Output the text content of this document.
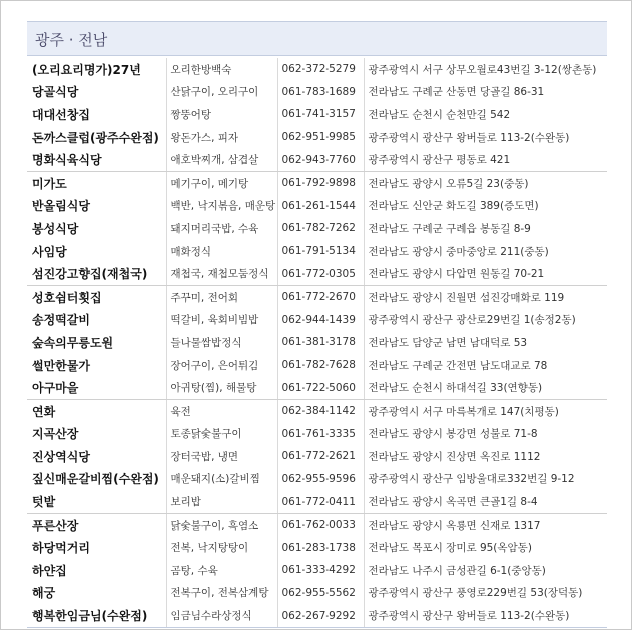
광주 · 전남
(오리요리명가)27년	오리한방백숙	062-372-5279	광주광역시 서구 상무오월로43번길 3-12(쌍촌동)
당골식당	산닭구이, 오리구이	061-783-1689	전라남도 구례군 산동면 당골길 86-31
대대선창집	짱뚱어탕	061-741-3157	전라남도 순천시 순천만길 542
돈까스클럽(광주수완점)	왕돈가스, 피자	062-951-9985	광주광역시 광산구 왕버들로 113-2(수완동)
명화식육식당	애호박찌개, 삼겹살	062-943-7760	광주광역시 광산구 평동로 421
미가도	메기구이, 메기탕	061-792-9898	전라남도 광양시 오류5길 23(중동)
반올림식당	백반, 낙지볶음, 매운탕	061-261-1544	전라남도 신안군 화도길 389(증도면)
봉성식당	돼지머리국밥, 수육	061-782-7262	전라남도 구례군 구례읍 봉동길 8-9
사임당	매화정식	061-791-5134	전라남도 광양시 중마중앙로 211(중동)
섬진강고향집(재첩국)	재첩국, 재첩모둠정식	061-772-0305	전라남도 광양시 다압면 원동길 70-21
성호쉼터횟집	주꾸미, 전어회	061-772-2670	전라남도 광양시 진월면 섬진강매화로 119
송정떡갈비	떡갈비, 육회비빔밥	062-944-1439	광주광역시 광산구 광산로29번길 1(송정2동)
숲속의무릉도원	들나물쌈밥정식	061-381-3178	전라남도 담양군 남면 남대덕로 53
썰만한물가	장어구이, 은어튀김	061-782-7628	전라남도 구례군 간전면 남도대교로 78
아구마을	아귀탕(찜), 해물탕	061-722-5060	전라남도 순천시 하대석길 33(연향동)
연화	육전	062-384-1142	광주광역시 서구 마륵복개로 147(치평동)
지곡산장	토종닭숯불구이	061-761-3335	전라남도 광양시 봉강면 성불로 71-8
진상역식당	장터국밥, 냉면	061-772-2621	전라남도 광양시 진상면 옥진로 1112
짚신매운갈비찜(수완점)	매운돼지(소)갈비찜	062-955-9596	광주광역시 광산구 임방울대로332번길 9-12
텃밭	보리밥	061-772-0411	전라남도 광양시 옥곡면 큰골1길 8-4
푸른산장	닭숯불구이, 흑염소	061-762-0033	전라남도 광양시 옥룡면 신재로 1317
하당먹거리	전복, 낙지탕탕이	061-283-1738	전라남도 목포시 장미로 95(옥암동)
하얀집	곰탕, 수육	061-333-4292	전라남도 나주시 금성관길 6-1(중앙동)
해궁	전복구이, 전복삼계탕	062-955-5562	광주광역시 광산구 풍영로229번길 53(장덕동)
행복한임금님(수완점)	임금님수라상정식	062-267-9292	광주광역시 광산구 왕버들로 113-2(수완동)
